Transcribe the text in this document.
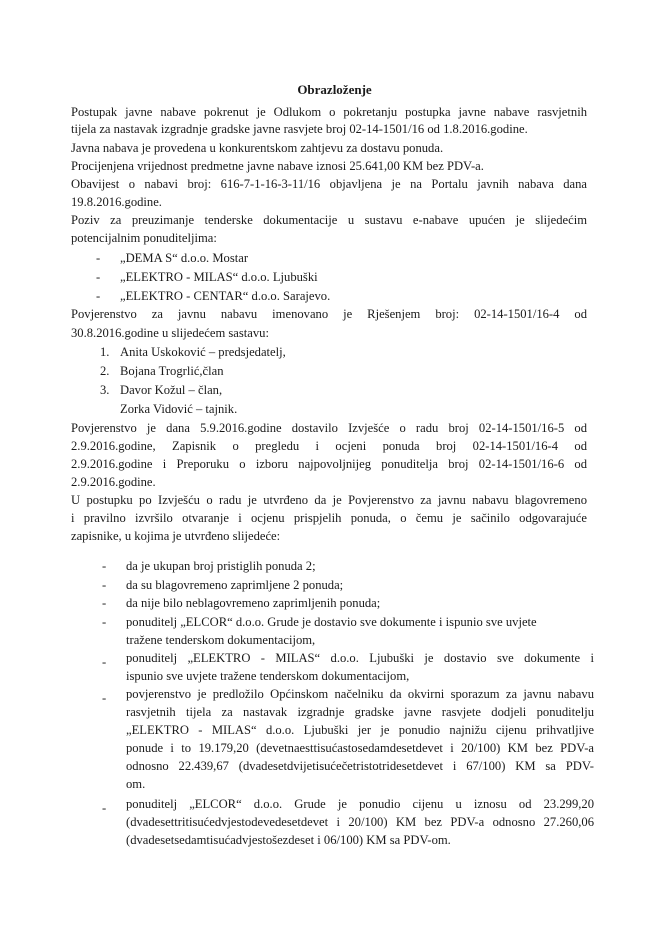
Obrazloženje
Postupak javne nabave pokrenut je Odlukom o pokretanju postupka javne nabave rasvjetnih
tijela za nastavak izgradnje gradske javne rasvjete broj 02-14-1501/16 od 1.8.2016.godine.
Javna nabava je provedena u konkurentskom zahtjevu za dostavu ponuda.
Procijenjena vrijednost predmetne javne nabave iznosi 25.641,00 KM bez PDV-a.
Obavijest o nabavi broj: 616-7-1-16-3-11/16 objavljena je na Portalu javnih nabava dana
19.8.2016.godine.
Poziv za preuzimanje tenderske dokumentacije u sustavu e-nabave upućen je slijedećim
potencijalnim ponuditeljima:
- „DEMA S“ d.o.o. Mostar
- „ELEKTRO - MILAS“ d.o.o. Ljubuški
- „ELEKTRO - CENTAR“ d.o.o. Sarajevo.
Povjerenstvo za javnu nabavu imenovano je Rješenjem broj: 02-14-1501/16-4 od
30.8.2016.godine u slijedećem sastavu:
1. Anita Uskoković – predsjedatelj,
2. Bojana Trogrlić,član
3. Davor Kožul – član,
Zorka Vidović – tajnik.
Povjerenstvo je dana 5.9.2016.godine dostavilo Izvješće o radu broj 02-14-1501/16-5 od
2.9.2016.godine, Zapisnik o pregledu i ocjeni ponuda broj 02-14-1501/16-4 od
2.9.2016.godine i Preporuku o izboru najpovoljnijeg ponuditelja broj 02-14-1501/16-6 od
2.9.2016.godine.
U postupku po Izvješću o radu je utvrđeno da je Povjerenstvo za javnu nabavu blagovremeno
i pravilno izvršilo otvaranje i ocjenu prispjelih ponuda, o čemu je sačinilo odgovarajuće
zapisnike, u kojima je utvrđeno slijedeće:
- da je ukupan broj pristiglih ponuda 2;
- da su blagovremeno zaprimljene 2 ponuda;
- da nije bilo neblagovremeno zaprimljenih ponuda;
- ponuditelj „ELCOR“ d.o.o. Grude je dostavio sve dokumente i ispunio sve uvjete
tražene tenderskom dokumentacijom,
- ponuditelj „ELEKTRO - MILAS“ d.o.o. Ljubuški je dostavio sve dokumente i
ispunio sve uvjete tražene tenderskom dokumentacijom,
- povjerenstvo je predložilo Općinskom načelniku da okvirni sporazum za javnu nabavu
rasvjetnih tijela za nastavak izgradnje gradske javne rasvjete dodjeli ponuditelju
„ELEKTRO - MILAS“ d.o.o. Ljubuški jer je ponudio najnižu cijenu prihvatljive
ponude i to 19.179,20 (devetnaesttisućastosedamdesetdevet i 20/100) KM bez PDV-a
odnosno 22.439,67 (dvadesetdvijetisućečetristotridesetdevet i 67/100) KM sa PDV-
om.
- ponuditelj „ELCOR“ d.o.o. Grude je ponudio cijenu u iznosu od 23.299,20
(dvadesettritisućedvjestodevedesetdevet i 20/100) KM bez PDV-a odnosno 27.260,06
(dvadesetsedamtisućadvjestošezdeset i 06/100) KM sa PDV-om.
